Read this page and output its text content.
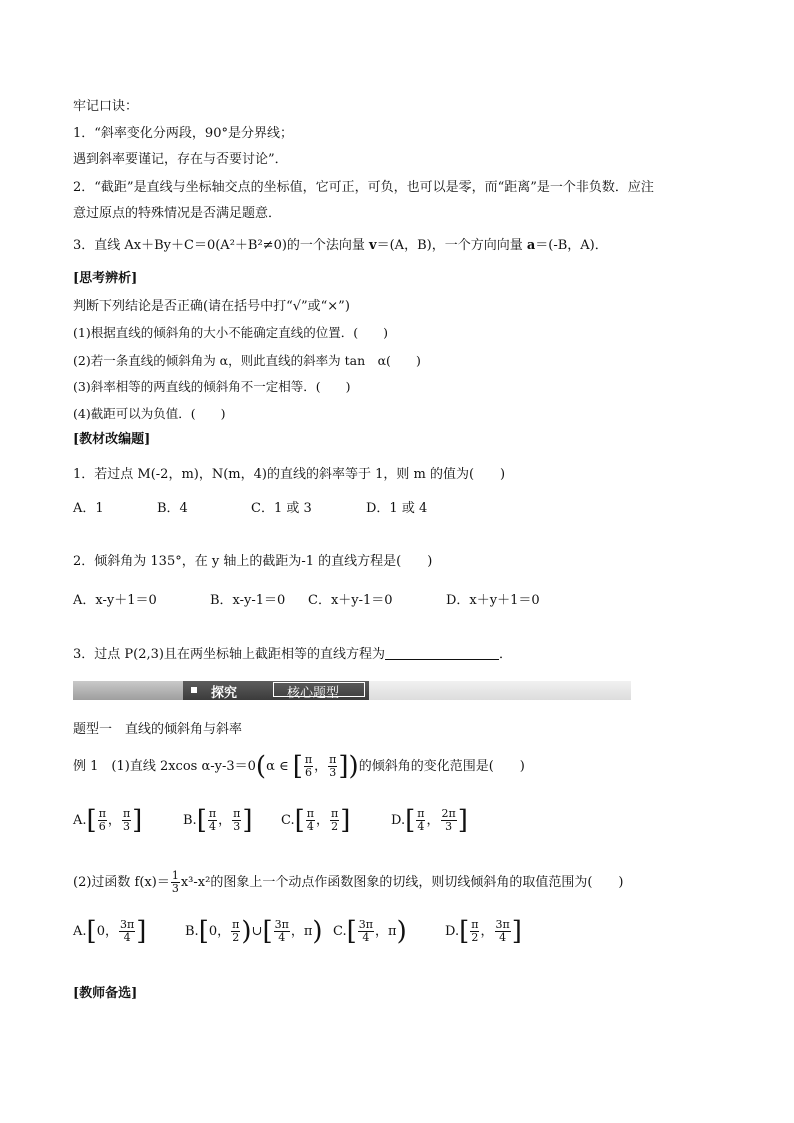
牢记口诀：
1．“斜率变化分两段，90°是分界线；
遇到斜率要谨记，存在与否要讨论”．
2．“截距”是直线与坐标轴交点的坐标值，它可正，可负，也可以是零，而“距离”是一个非负数．应注
意过原点的特殊情况是否满足题意．
3．直线 Ax＋By＋C＝0(A²＋B²≠0)的一个法向量 v＝(A，B)，一个方向向量 a＝(-B，A)．
[思考辨析]
判断下列结论是否正确(请在括号中打“√”或“×”)
(1)根据直线的倾斜角的大小不能确定直线的位置．(　　)
(2)若一条直线的倾斜角为 α，则此直线的斜率为 tan　α(　　)
(3)斜率相等的两直线的倾斜角不一定相等．(　　)
(4)截距可以为负值．(　　)
[教材改编题]
1．若过点 M(-2，m)，N(m，4)的直线的斜率等于 1，则 m 的值为(　　)
A．1	B．4	C．1 或 3	D．1 或 4
2．倾斜角为 135°，在 y 轴上的截距为-1 的直线方程是(　　)
A．x-y＋1＝0	B．x-y-1＝0 C．x＋y-1＝0	D．x＋y＋1＝0
3．过点 P(2,3)且在两坐标轴上截距相等的直线方程为	．
探究	核心题型
题型一　直线的倾斜角与斜率
例 1　(1)直线 2xcos α-y-3＝0(α ∈ [ $\frac{\pi}{6}$ ， $\frac{\pi}{3}$ ])的倾斜角的变化范围是(　　)
$A.[ \frac{\pi}{6}$ ， $\frac{\pi}{3}$ ]	$B.[ \frac{\pi}{4}$ ， $\frac{\pi}{3}$ ] $C.[ \frac{\pi}{4}$ ， $\frac{\pi}{2}$ ]	$D.[ \frac{\pi}{4}$ ， $\frac{2\pi}{3}$ ]
(2)过函数 $f(x)= \frac{1}{3} x^3-x^2$的图象上一个动点作函数图象的切线，则切线倾斜角的取值范围为(　　)
A.[0， $\frac{3\pi}{4}$ ]	B.[0， $\frac{\pi}{2}$ )∪[ $\frac{3\pi}{4}$ ，π) $C.[ \frac{3\pi}{4}$ ，π)	$D.[ \frac{\pi}{2}$ ， $\frac{3\pi}{4}$ ]
[教师备选]
